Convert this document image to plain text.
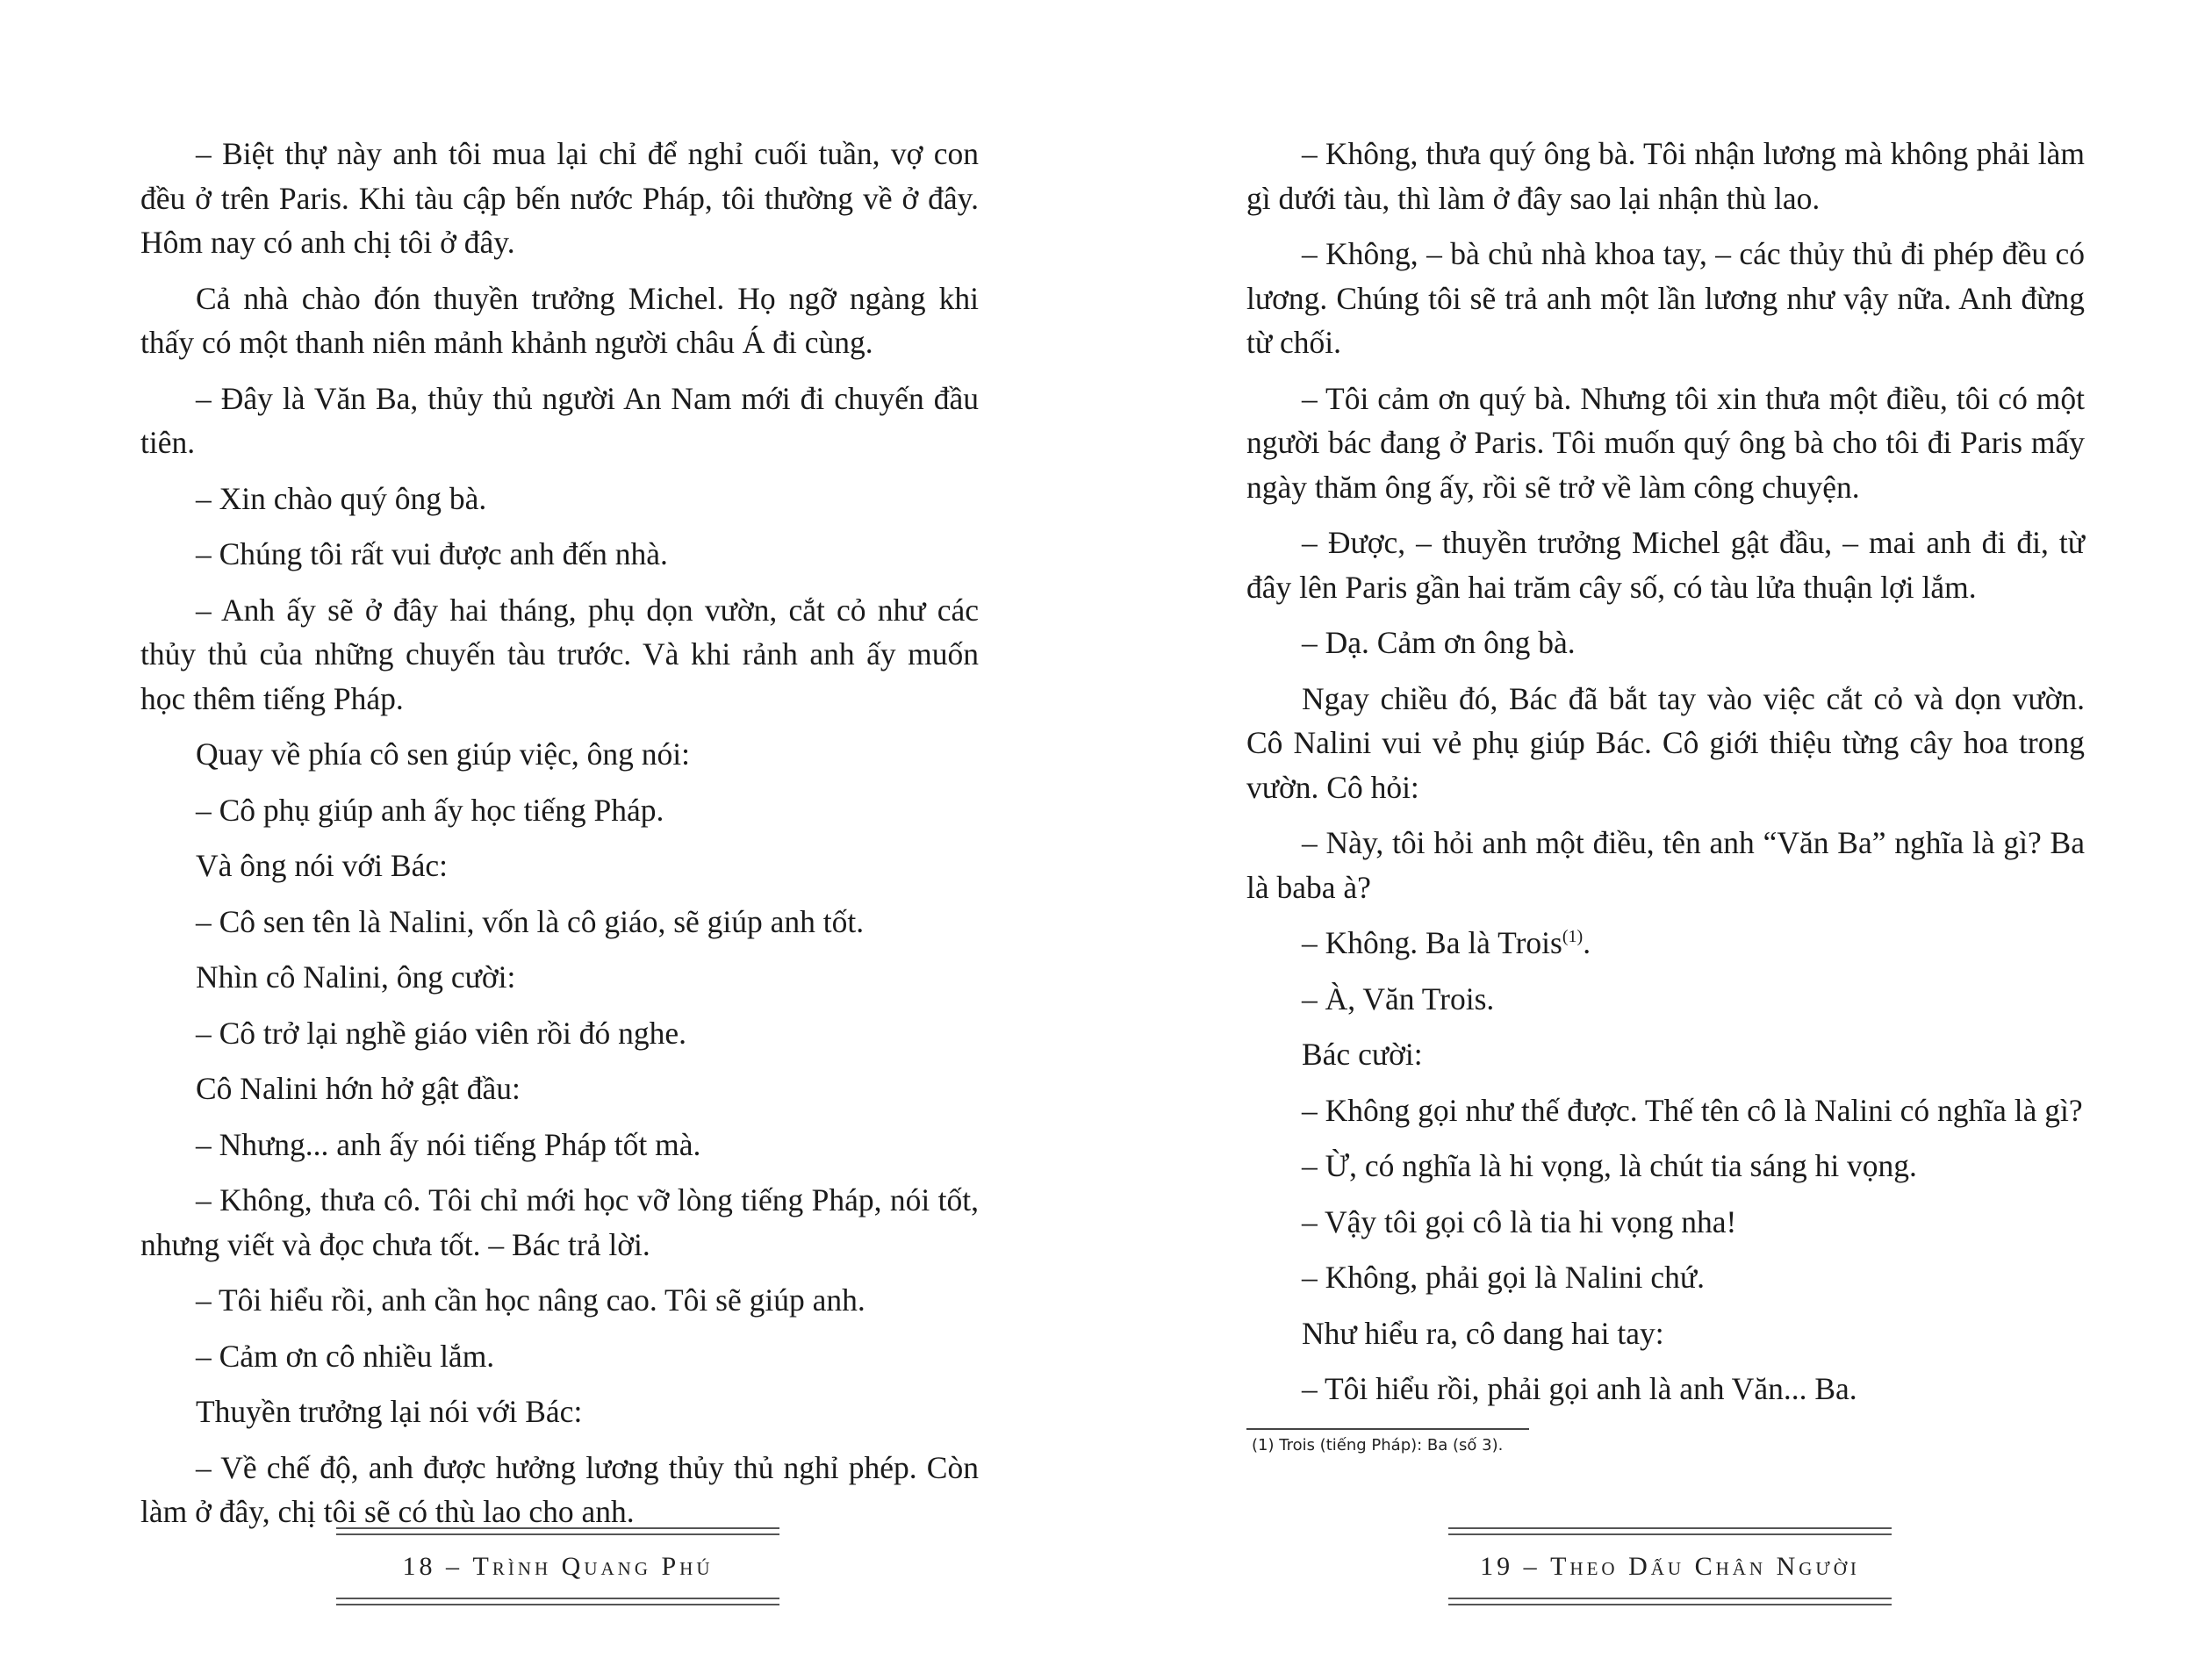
– Biệt thự này anh tôi mua lại chỉ để nghỉ cuối tuần, vợ con đều ở trên Paris. Khi tàu cập bến nước Pháp, tôi thường về ở đây. Hôm nay có anh chị tôi ở đây.

Cả nhà chào đón thuyền trưởng Michel. Họ ngỡ ngàng khi thấy có một thanh niên mảnh khảnh người châu Á đi cùng.

– Đây là Văn Ba, thủy thủ người An Nam mới đi chuyến đầu tiên.

– Xin chào quý ông bà.

– Chúng tôi rất vui được anh đến nhà.

– Anh ấy sẽ ở đây hai tháng, phụ dọn vườn, cắt cỏ như các thủy thủ của những chuyến tàu trước. Và khi rảnh anh ấy muốn học thêm tiếng Pháp.

Quay về phía cô sen giúp việc, ông nói:

– Cô phụ giúp anh ấy học tiếng Pháp.

Và ông nói với Bác:

– Cô sen tên là Nalini, vốn là cô giáo, sẽ giúp anh tốt.

Nhìn cô Nalini, ông cười:

– Cô trở lại nghề giáo viên rồi đó nghe.

Cô Nalini hớn hở gật đầu:

– Nhưng... anh ấy nói tiếng Pháp tốt mà.

– Không, thưa cô. Tôi chỉ mới học vỡ lòng tiếng Pháp, nói tốt, nhưng viết và đọc chưa tốt. – Bác trả lời.

– Tôi hiểu rồi, anh cần học nâng cao. Tôi sẽ giúp anh.

– Cảm ơn cô nhiều lắm.

Thuyền trưởng lại nói với Bác:

– Về chế độ, anh được hưởng lương thủy thủ nghỉ phép. Còn làm ở đây, chị tôi sẽ có thù lao cho anh.

18 – Trình Quang Phú

– Không, thưa quý ông bà. Tôi nhận lương mà không phải làm gì dưới tàu, thì làm ở đây sao lại nhận thù lao.

– Không, – bà chủ nhà khoa tay, – các thủy thủ đi phép đều có lương. Chúng tôi sẽ trả anh một lần lương như vậy nữa. Anh đừng từ chối.

– Tôi cảm ơn quý bà. Nhưng tôi xin thưa một điều, tôi có một người bác đang ở Paris. Tôi muốn quý ông bà cho tôi đi Paris mấy ngày thăm ông ấy, rồi sẽ trở về làm công chuyện.

– Được, – thuyền trưởng Michel gật đầu, – mai anh đi đi, từ đây lên Paris gần hai trăm cây số, có tàu lửa thuận lợi lắm.

– Dạ. Cảm ơn ông bà.

Ngay chiều đó, Bác đã bắt tay vào việc cắt cỏ và dọn vườn. Cô Nalini vui vẻ phụ giúp Bác. Cô giới thiệu từng cây hoa trong vườn. Cô hỏi:

– Này, tôi hỏi anh một điều, tên anh “Văn Ba” nghĩa là gì? Ba là baba à?

– Không. Ba là Trois$^{(1)}$.

– À, Văn Trois.

Bác cười:

– Không gọi như thế được. Thế tên cô là Nalini có nghĩa là gì?

– Ừ, có nghĩa là hi vọng, là chút tia sáng hi vọng.

– Vậy tôi gọi cô là tia hi vọng nha!

– Không, phải gọi là Nalini chứ.

Như hiểu ra, cô dang hai tay:

– Tôi hiểu rồi, phải gọi anh là anh Văn... Ba.

(1) Trois (tiếng Pháp): Ba (số 3).
19 – Theo Dấu Chân Người
